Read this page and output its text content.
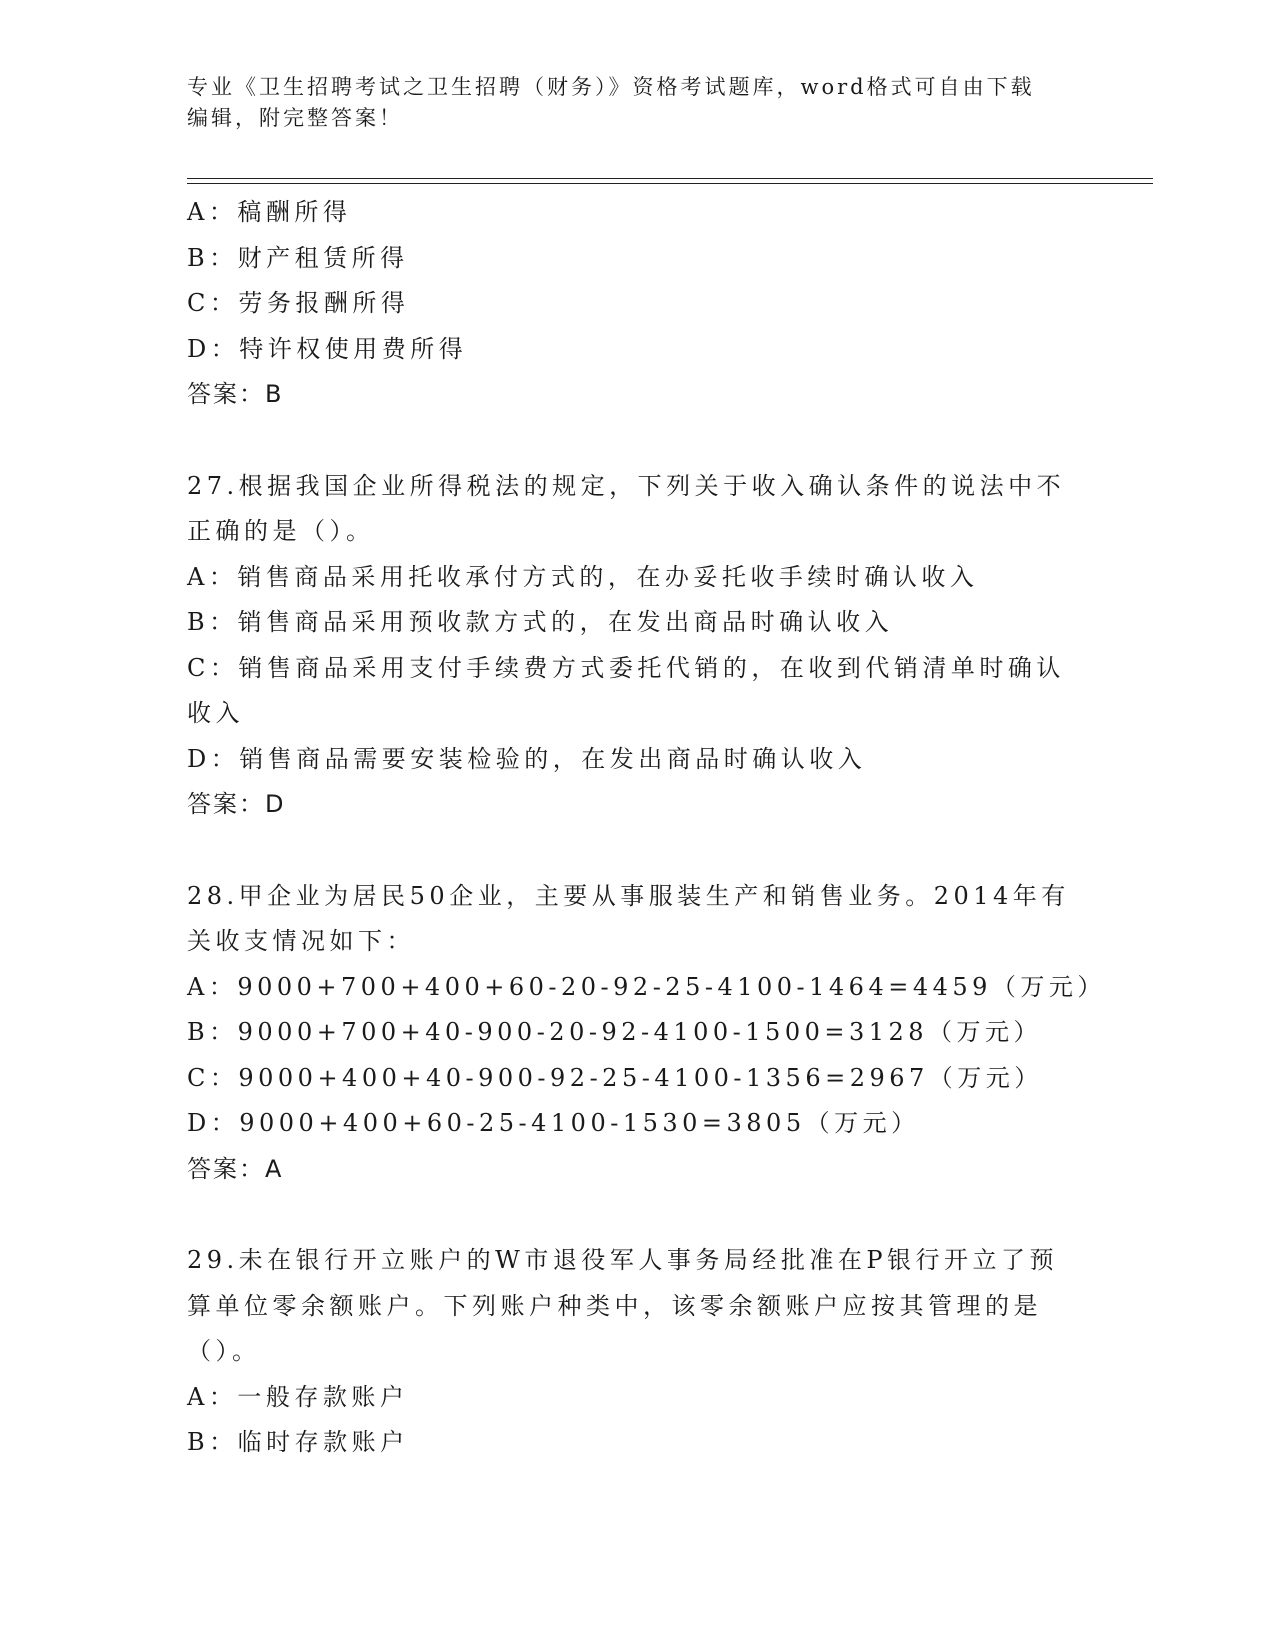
专业《卫生招聘考试之卫生招聘（财务）》资格考试题库，word格式可自由下载
编辑，附完整答案！
A：稿酬所得
B：财产租赁所得
C：劳务报酬所得
D：特许权使用费所得
答案：B
27.根据我国企业所得税法的规定，下列关于收入确认条件的说法中不
正确的是（）。
A：销售商品采用托收承付方式的，在办妥托收手续时确认收入
B：销售商品采用预收款方式的，在发出商品时确认收入
C：销售商品采用支付手续费方式委托代销的，在收到代销清单时确认
收入
D：销售商品需要安装检验的，在发出商品时确认收入
答案：D
28.甲企业为居民50企业，主要从事服装生产和销售业务。2014年有
关收支情况如下：
A：9000+700+400+60-20-92-25-4100-1464=4459（万元）
B：9000+700+40-900-20-92-4100-1500=3128（万元）
C：9000+400+40-900-92-25-4100-1356=2967（万元）
D：9000+400+60-25-4100-1530=3805（万元）
答案：A
29.未在银行开立账户的W市退役军人事务局经批准在P银行开立了预
算单位零余额账户。下列账户种类中，该零余额账户应按其管理的是
（）。
A：一般存款账户
B：临时存款账户
